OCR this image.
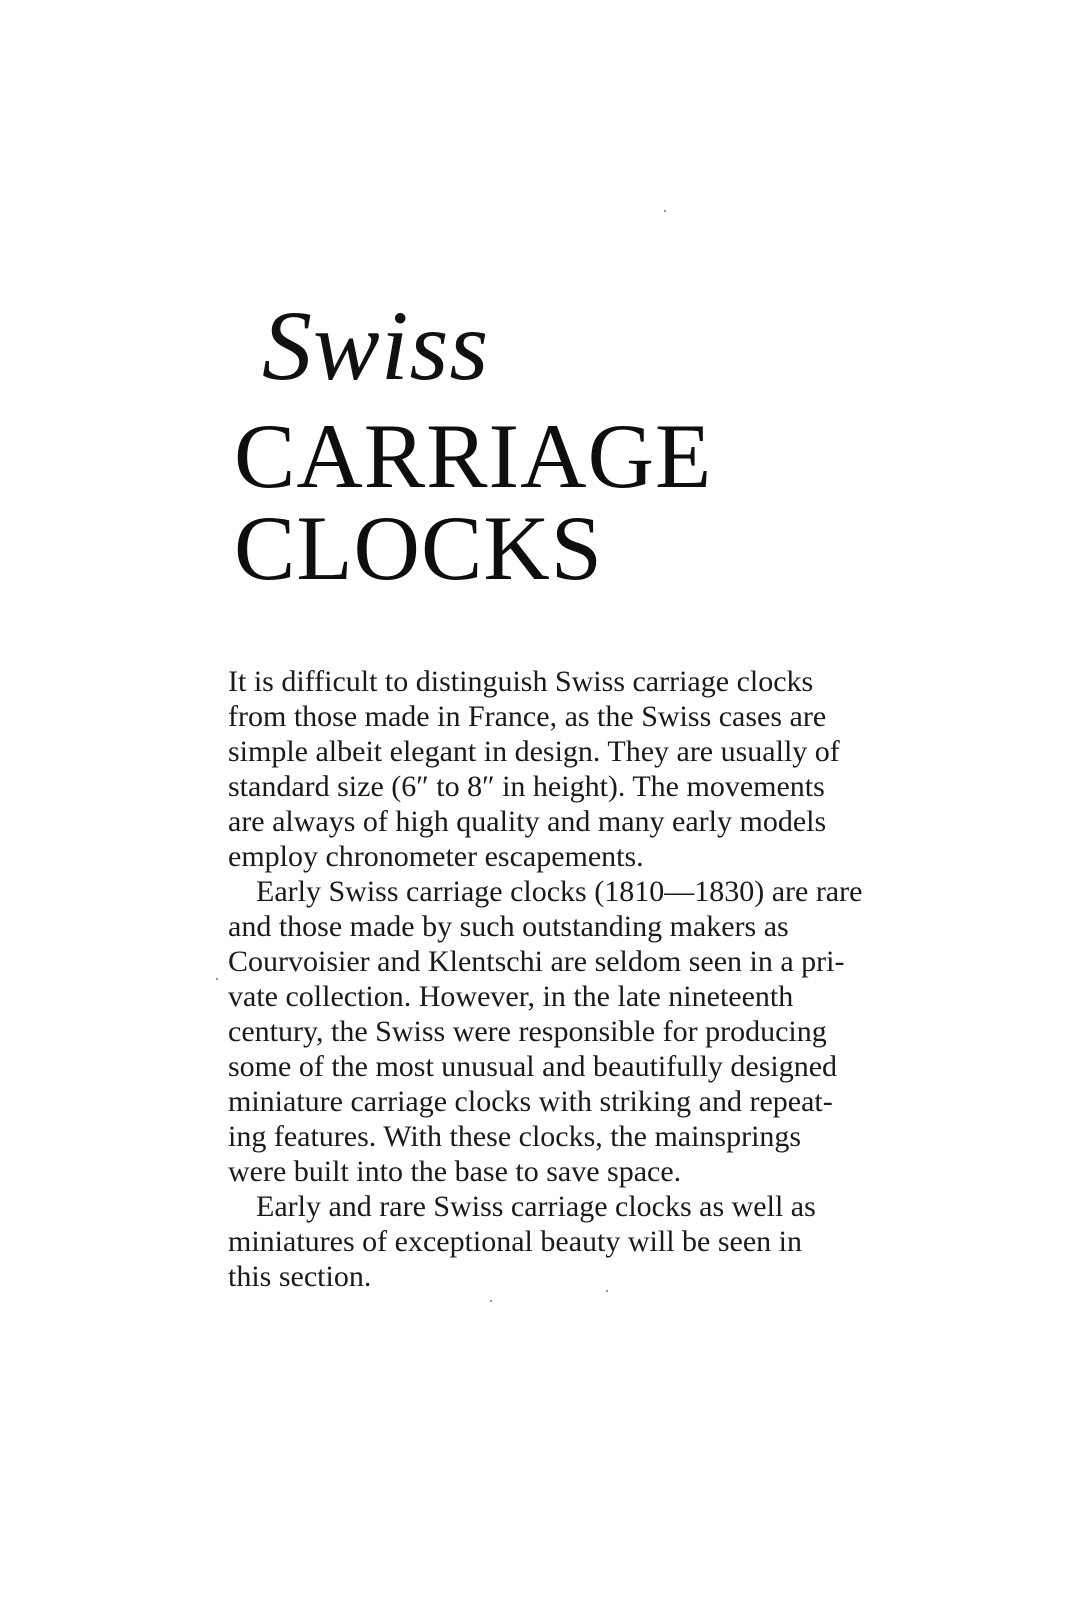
Swiss
CARRIAGE
CLOCKS

It is difficult to distinguish Swiss carriage clocks
from those made in France, as the Swiss cases are
simple albeit elegant in design. They are usually of
standard size (6″ to 8″ in height). The movements
are always of high quality and many early models
employ chronometer escapements.

Early Swiss carriage clocks (1810—1830) are rare
and those made by such outstanding makers as
Courvoisier and Klentschi are seldom seen in a pri-
vate collection. However, in the late nineteenth
century, the Swiss were responsible for producing
some of the most unusual and beautifully designed
miniature carriage clocks with striking and repeat-
ing features. With these clocks, the mainsprings
were built into the base to save space.

Early and rare Swiss carriage clocks as well as
miniatures of exceptional beauty will be seen in
this section.
